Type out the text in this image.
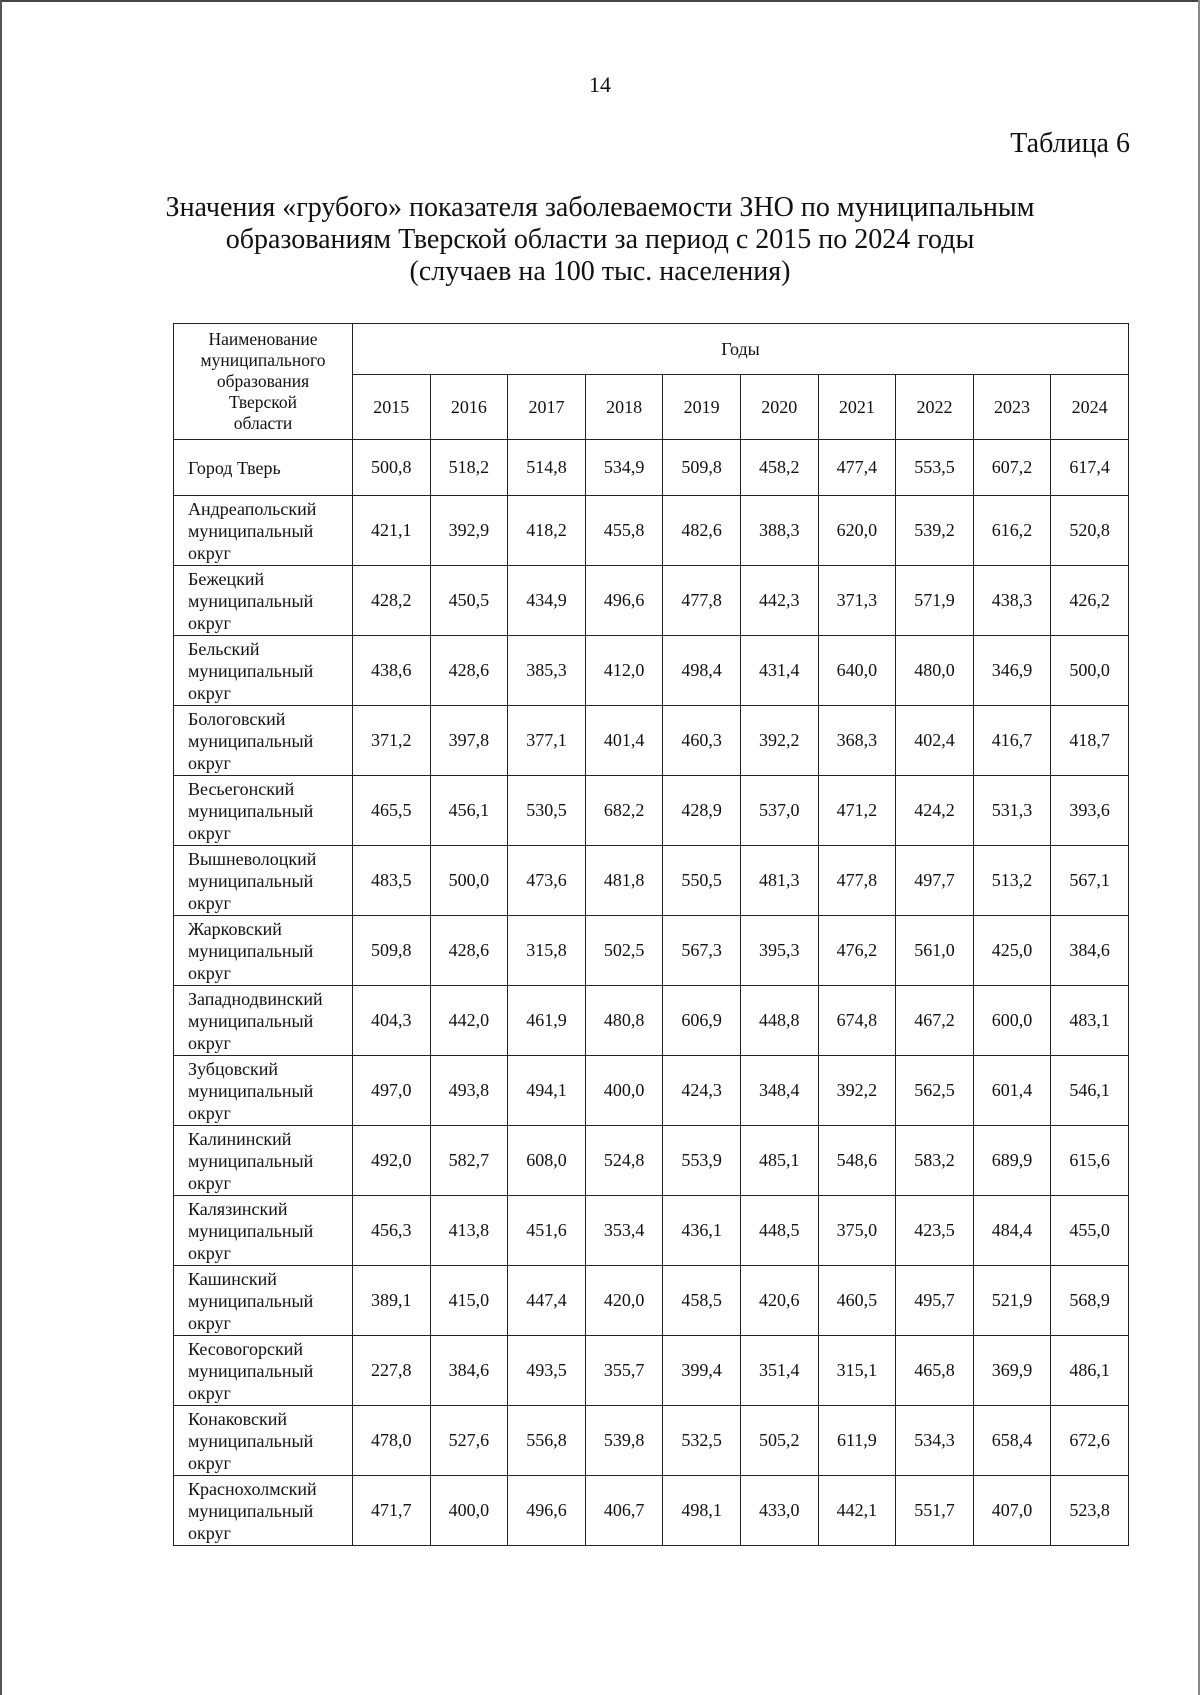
14
Таблица 6
Значения «грубого» показателя заболеваемости ЗНО по муниципальным
образованиям Тверской области за период с 2015 по 2024 годы
(случаев на 100 тыс. населения)
Наименование
муниципального
образования
Тверской
области	Годы									
	2015	2016	2017	2018	2019	2020	2021	2022	2023	2024

Город Тверь	500,8	518,2	514,8	534,9	509,8	458,2	477,4	553,5	607,2	617,4

Андреапольский
муниципальный
округ	421,1	392,9	418,2	455,8	482,6	388,3	620,0	539,2	616,2	520,8

Бежецкий
муниципальный
округ	428,2	450,5	434,9	496,6	477,8	442,3	371,3	571,9	438,3	426,2

Бельский
муниципальный
округ	438,6	428,6	385,3	412,0	498,4	431,4	640,0	480,0	346,9	500,0

Бологовский
муниципальный
округ	371,2	397,8	377,1	401,4	460,3	392,2	368,3	402,4	416,7	418,7

Весьегонский
муниципальный
округ	465,5	456,1	530,5	682,2	428,9	537,0	471,2	424,2	531,3	393,6

Вышневолоцкий
муниципальный
округ	483,5	500,0	473,6	481,8	550,5	481,3	477,8	497,7	513,2	567,1

Жарковский
муниципальный
округ	509,8	428,6	315,8	502,5	567,3	395,3	476,2	561,0	425,0	384,6

Западнодвинский
муниципальный
округ	404,3	442,0	461,9	480,8	606,9	448,8	674,8	467,2	600,0	483,1

Зубцовский
муниципальный
округ	497,0	493,8	494,1	400,0	424,3	348,4	392,2	562,5	601,4	546,1

Калининский
муниципальный
округ	492,0	582,7	608,0	524,8	553,9	485,1	548,6	583,2	689,9	615,6

Калязинский
муниципальный
округ	456,3	413,8	451,6	353,4	436,1	448,5	375,0	423,5	484,4	455,0

Кашинский
муниципальный
округ	389,1	415,0	447,4	420,0	458,5	420,6	460,5	495,7	521,9	568,9

Кесовогорский
муниципальный
округ	227,8	384,6	493,5	355,7	399,4	351,4	315,1	465,8	369,9	486,1

Конаковский
муниципальный
округ	478,0	527,6	556,8	539,8	532,5	505,2	611,9	534,3	658,4	672,6

Краснохолмский
муниципальный
округ	471,7	400,0	496,6	406,7	498,1	433,0	442,1	551,7	407,0	523,8
